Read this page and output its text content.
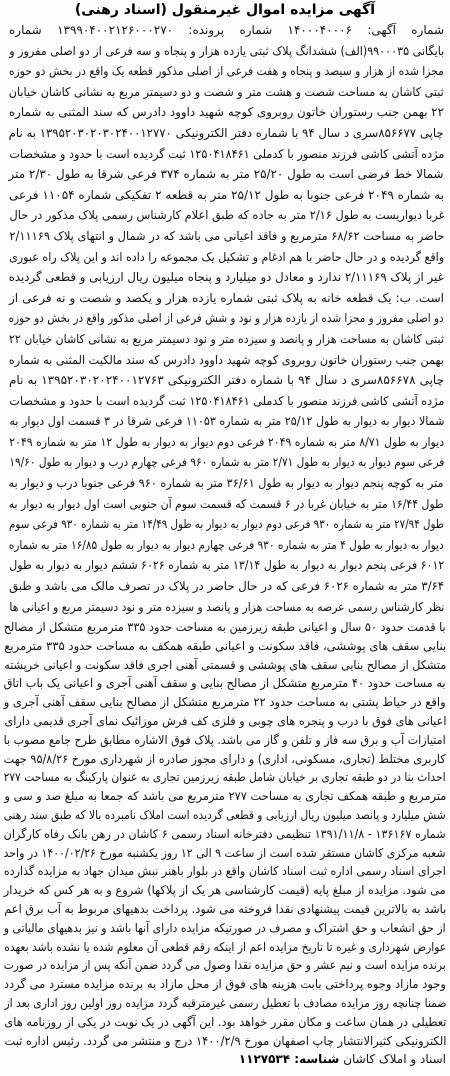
آگهی مزایده اموال غیرمنقول (اسناد رهنی)
شماره آگهی: ۱۴۰۰۰۴۰۰۰۶ شماره پرونده: ۱۳۹۹۰۴۰۰۲۱۲۶۰۰۰۲۷۰ شماره
بایگانی ۹۹۰۰۰۳۵(الف) ششدانگ پلاک ثبتی یازده هزار و پنجاه و سه فرعی از دو اصلی مفروز و
مجزا شده از هزار و سیصد و پنجاه و هفت فرعی از اصلی مذکور قطعه یک واقع در بخش دو حوزه
ثبتی کاشان به مساحت شصت و هشت متر و شصت و دو دسیمتر مربع به نشانی کاشان خیابان
۲۲ بهمن جنب رستوران خاتون روبروی کوچه شهید داوود دادرس که سند المثنی به شماره
چاپی ۸۵۶۶۷۷سری د سال ۹۴ با شماره دفتر الکترونیکی ۱۳۹۵۲۰۳۰۲۰۳۰۲۴۰۰۱۲۷۷۰ به نام
مژده آتشی کاشی فرزند منصور با کدملی ۱۲۵۰۴۱۸۴۶۱ ثبت گردیده است با حدود و مشخصات
شمالا خط فرضی است به طول ۲۵/۲۰ متر به شماره ۳۷۴ فرعی شرقا به طول ۲/۳۰ متر
به شماره ۲۰۴۹ فرعی جنوبا به طول ۲۵/۱۲ متر به قطعه ۲ تفکیکی شماره ۱۱۰۵۴ فرعی
غربا دیواریست به طول ۲/۱۶ متر به جاده که طبق اعلام کارشناس رسمی پلاک مذکور در حال
حاضر به مساحت ۶۸/۶۲ مترمربع و فاقد اعیانی می باشد که در شمال و انتهای پلاک ۲/۱۱۱۶۹
واقع گردیده و در حال حاضر با هم ادغام و تشکیل یک مجموعه را داده اند و این پلاک راه عبوری
غیر از پلاک ۲/۱۱۱۶۹ ندارد و معادل دو میلیارد و پنجاه میلیون ریال ارزیابی و قطعی گردیده
است. ب: یک قطعه خانه به پلاک ثبتی شماره یازده هزار و یکصد و شصت و نه فرعی از
دو اصلی مفروز و مجزا شده از یازده هزار و نود و شش فرعی از اصلی مذکور واقع در بخش دو حوزه
ثبتی کاشان به مساحت هزار و پانصد و سیزده متر و نود دسیمتر مربع به نشانی کاشان خیابان ۲۲
بهمن جنب رستوران خاتون روبروی کوچه شهید داوود دادرس که سند مالکیت المثنی به شماره
چاپی ۸۵۶۶۷۸سری د سال ۹۴ با شماره دفتر الکترونیکی ۱۳۹۵۲۰۳۰۲۰۲۴۰۰۱۲۷۶۳ به نام
مژده آتشی کاشی فرزند منصور با کدملی ۱۲۵۰۴۱۸۴۶۱ ثبت گردیده است با حدود و مشخصات
شمالا دیوار به دیوار به طول ۲۵/۱۲ متر به شماره ۱۱۰۵۳ فرعی شرقا در ۳ قسمت اول دیوار به
دیوار به طول ۸/۷۱ متر به شماره ۲۰۴۹ فرعی دوم دیوار به دیوار به طول ۱۲ متر به شماره ۲۰۴۹
فرعی سوم دیوار به دیوار به طول ۲/۷۱ متر به شماره ۹۶۰ فرعی چهارم درب و دیوار به طول ۱۹/۶۰
متر به کوچه پنجم دیوار به دیوار به طول ۳۶/۶۱ متر به شماره ۹۶۰ فرعی جنوبا درب و دیوار به
طول ۱۶/۴۴ متر به خیابان غربا در ۶ قسمت که قسمت سوم آن جنوبی است اول دیوار به دیوار به
طول ۲۷/۹۴ متر به شماره ۹۳۰ فرعی دوم دیوار به دیوار به طول ۱۴/۴۹ متر به شماره ۹۳۰ فرعی سوم
دیوار به دیوار به طول ۴ متر به شماره ۹۳۰ فرعی چهارم دیوار به دیوار به طول ۱۶/۸۵ متر به شماره
۶۰۱۲ فرعی پنجم دیوار به دیوار به طول ۱۳/۱۴ متر به شماره ۶۰۲۶ ششم دیوار به دیوار به طول
۳/۶۴ متر به شماره ۶۰۲۶ فرعی که در حال حاضر در پلاک در تصرف مالک می باشد و طبق
نظر کارشناس رسمی عرصه به مساحت هزار و پانصد و سیزده متر و نود دسیمتر مربع و اعیانی ها
با قدمت حدود ۵۰ سال و اعیانی طبقه زیرزمین به مساحت حدود ۳۳۵ مترمربع متشکل از مصالح
بنایی سقف های پوششی، فاقد سکونت و اعیانی طبقه همکف به مساحت حدود ۳۳۵ مترمربع
متشکل از مصالح بنایی سقف های پوششی و قسمتی آهنی اجری فاقد سکونت و اعیانی خرپشته
به مساحت حدود ۴۰ مترمربع متشکل از مصالح بنایی و سقف آهنی آجری و اعیانی یک باب اتاق
واقع در حیاط پشتی به مساحت حدود ۲۲ مترمربع متشکل از مصالح بنایی سقف آهنی آجری و
اعیانی های فوق با درب و پنجره های چوبی و فلزی کف فرش موزائیک نمای آجری قدیمی دارای
امتیازات آب و برق سه فاز و تلفن و گاز می باشد. پلاک فوق الاشاره مطابق طرح جامع مصوب با
کاربری مختلط (تجاری، مسکونی، اداری) و دارای مجوز صادره از شهرداری مورخ ۹۵/۸/۲۶ جهت
احداث بنا در دو طبقه تجاری بر خیابان شامل طبقه زیرزمین تجاری به عنوان پارکینگ به مساحت ۲۷۷
مترمربع و طبقه همکف تجاری به مساحت ۲۷۷ مترمربع می باشد که جمعا به مبلغ صد و سی و
شش میلیارد و پانصد میلیون ریال ارزیابی و قطعی گردیده است املاک نامبرده بالا که طبق سند رهنی
شماره ۱۳۶۱۶۷ - ۱۳۹۱/۱۱/۸ تنظیمی دفترخانه اسناد رسمی ۶ کاشان در رهن بانک رفاه کارگران
شعبه مرکزی کاشان مستقر شده است از ساعت ۹ الی ۱۲ روز یکشنبه مورخ ۱۴۰۰/۰۲/۲۶ در واحد
اجرای اسناد رسمی اداره ثبت اسناد کاشان واقع در بلوار باهنر نبش میدان جهاد به مزایده گذارده
می شود. مزایده از مبلغ پایه (قیمت کارشناسی هر یک از پلاکها) شروع و به هر کس که خریدار
باشد به بالاترین قیمت پیشنهادی نقدا فروخته می شود. پرداخت بدهیهای مربوط به آب برق اعم
از حق انشعاب و حق اشتراک و مصرف در صورتیکه مزایده دارای آنها باشد و نیز بدهیهای مالیاتی و
عوارض شهرداری و غیره تا تاریخ مزایده اعم از اینکه رقم قطعی آن معلوم شده یا نشده باشد بعهده
برنده مزایده است و نیم عشر و حق مزایده نقدا وصول می گردد ضمن آنکه پس از مزایده در صورت
وجود مازاد وجوه پرداختی بابت هزینه های فوق از محل مازاد به برنده مزایده مسترد می گردد
ضمنا چنانچه روز مزایده مصادف با تعطیل رسمی غیرمترقبه گردد مزایده روز اولین روز اداری بعد از
تعطیلی در همان ساعت و مکان مقرر خواهد بود. این آگهی در یک نوبت در یکی از روزنامه های
الکترونیکی کثیرالانتشار چاپ اصفهان مورخ ۱۴۰۰/۲/۹ درج و منتشر می گردد. رئیس اداره ثبت
اسناد و املاک کاشان شناسه: ۱۱۲۷۵۳۴
